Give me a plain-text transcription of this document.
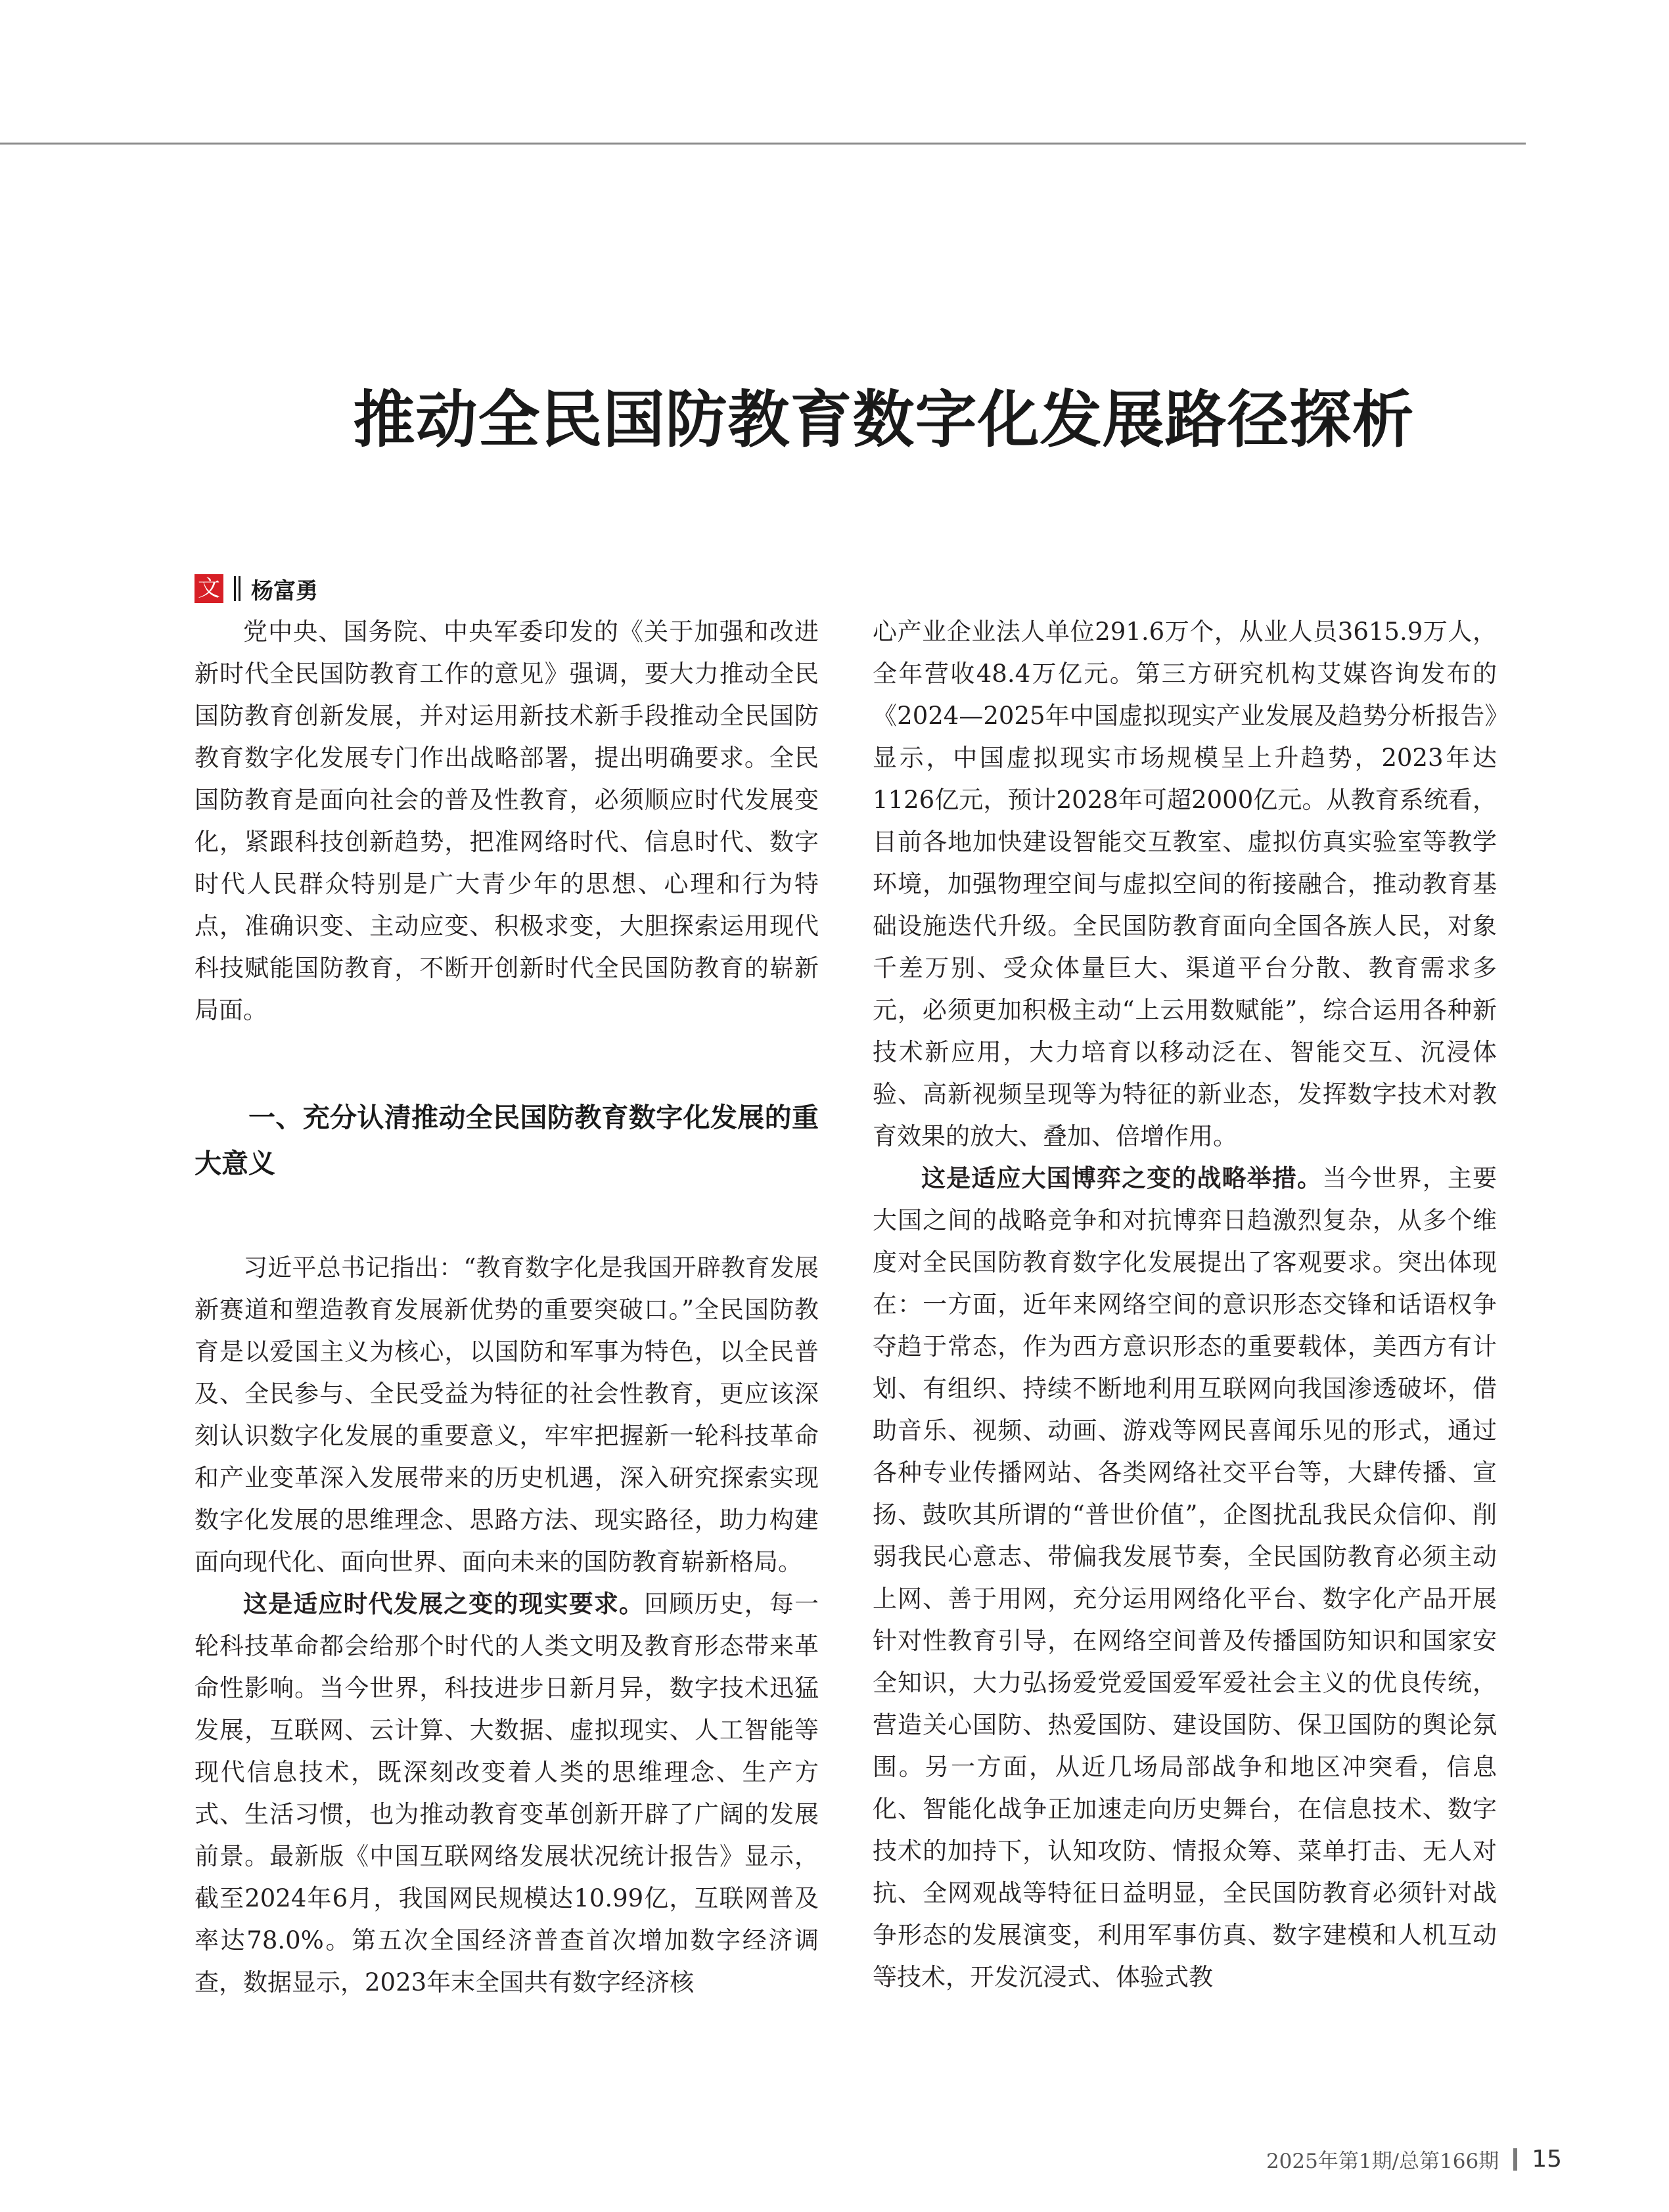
推动全民国防教育数字化发展路径探析
文 杨富勇

党中央、国务院、中央军委印发的《关于加强和改进新时代全民国防教育工作的意见》强调，要大力推动全民国防教育创新发展，并对运用新技术新手段推动全民国防教育数字化发展专门作出战略部署，提出明确要求。全民国防教育是面向社会的普及性教育，必须顺应时代发展变化，紧跟科技创新趋势，把准网络时代、信息时代、数字时代人民群众特别是广大青少年的思想、心理和行为特点，准确识变、主动应变、积极求变，大胆探索运用现代科技赋能国防教育，不断开创新时代全民国防教育的崭新局面。

一、充分认清推动全民国防教育数字化发展的重大意义

习近平总书记指出：“教育数字化是我国开辟教育发展新赛道和塑造教育发展新优势的重要突破口。”全民国防教育是以爱国主义为核心，以国防和军事为特色，以全民普及、全民参与、全民受益为特征的社会性教育，更应该深刻认识数字化发展的重要意义，牢牢把握新一轮科技革命和产业变革深入发展带来的历史机遇，深入研究探索实现数字化发展的思维理念、思路方法、现实路径，助力构建面向现代化、面向世界、面向未来的国防教育崭新格局。

这是适应时代发展之变的现实要求。回顾历史，每一轮科技革命都会给那个时代的人类文明及教育形态带来革命性影响。当今世界，科技进步日新月异，数字技术迅猛发展，互联网、云计算、大数据、虚拟现实、人工智能等现代信息技术，既深刻改变着人类的思维理念、生产方式、生活习惯，也为推动教育变革创新开辟了广阔的发展前景。最新版《中国互联网络发展状况统计报告》显示，截至2024年6月，我国网民规模达10.99亿，互联网普及率达78.0%。第五次全国经济普查首次增加数字经济调查，数据显示，2023年末全国共有数字经济核

心产业企业法人单位291.6万个，从业人员3615.9万人，全年营收48.4万亿元。第三方研究机构艾媒咨询发布的《2024—2025年中国虚拟现实产业发展及趋势分析报告》显示，中国虚拟现实市场规模呈上升趋势，2023年达1126亿元，预计2028年可超2000亿元。从教育系统看，目前各地加快建设智能交互教室、虚拟仿真实验室等教学环境，加强物理空间与虚拟空间的衔接融合，推动教育基础设施迭代升级。全民国防教育面向全国各族人民，对象千差万别、受众体量巨大、渠道平台分散、教育需求多元，必须更加积极主动“上云用数赋能”，综合运用各种新技术新应用，大力培育以移动泛在、智能交互、沉浸体验、高新视频呈现等为特征的新业态，发挥数字技术对教育效果的放大、叠加、倍增作用。

这是适应大国博弈之变的战略举措。当今世界，主要大国之间的战略竞争和对抗博弈日趋激烈复杂，从多个维度对全民国防教育数字化发展提出了客观要求。突出体现在：一方面，近年来网络空间的意识形态交锋和话语权争夺趋于常态，作为西方意识形态的重要载体，美西方有计划、有组织、持续不断地利用互联网向我国渗透破坏，借助音乐、视频、动画、游戏等网民喜闻乐见的形式，通过各种专业传播网站、各类网络社交平台等，大肆传播、宣扬、鼓吹其所谓的“普世价值”，企图扰乱我民众信仰、削弱我民心意志、带偏我发展节奏，全民国防教育必须主动上网、善于用网，充分运用网络化平台、数字化产品开展针对性教育引导，在网络空间普及传播国防知识和国家安全知识，大力弘扬爱党爱国爱军爱社会主义的优良传统，营造关心国防、热爱国防、建设国防、保卫国防的舆论氛围。另一方面，从近几场局部战争和地区冲突看，信息化、智能化战争正加速走向历史舞台，在信息技术、数字技术的加持下，认知攻防、情报众筹、菜单打击、无人对抗、全网观战等特征日益明显，全民国防教育必须针对战争形态的发展演变，利用军事仿真、数字建模和人机互动等技术，开发沉浸式、体验式教

2025年第1期/总第166期 15
